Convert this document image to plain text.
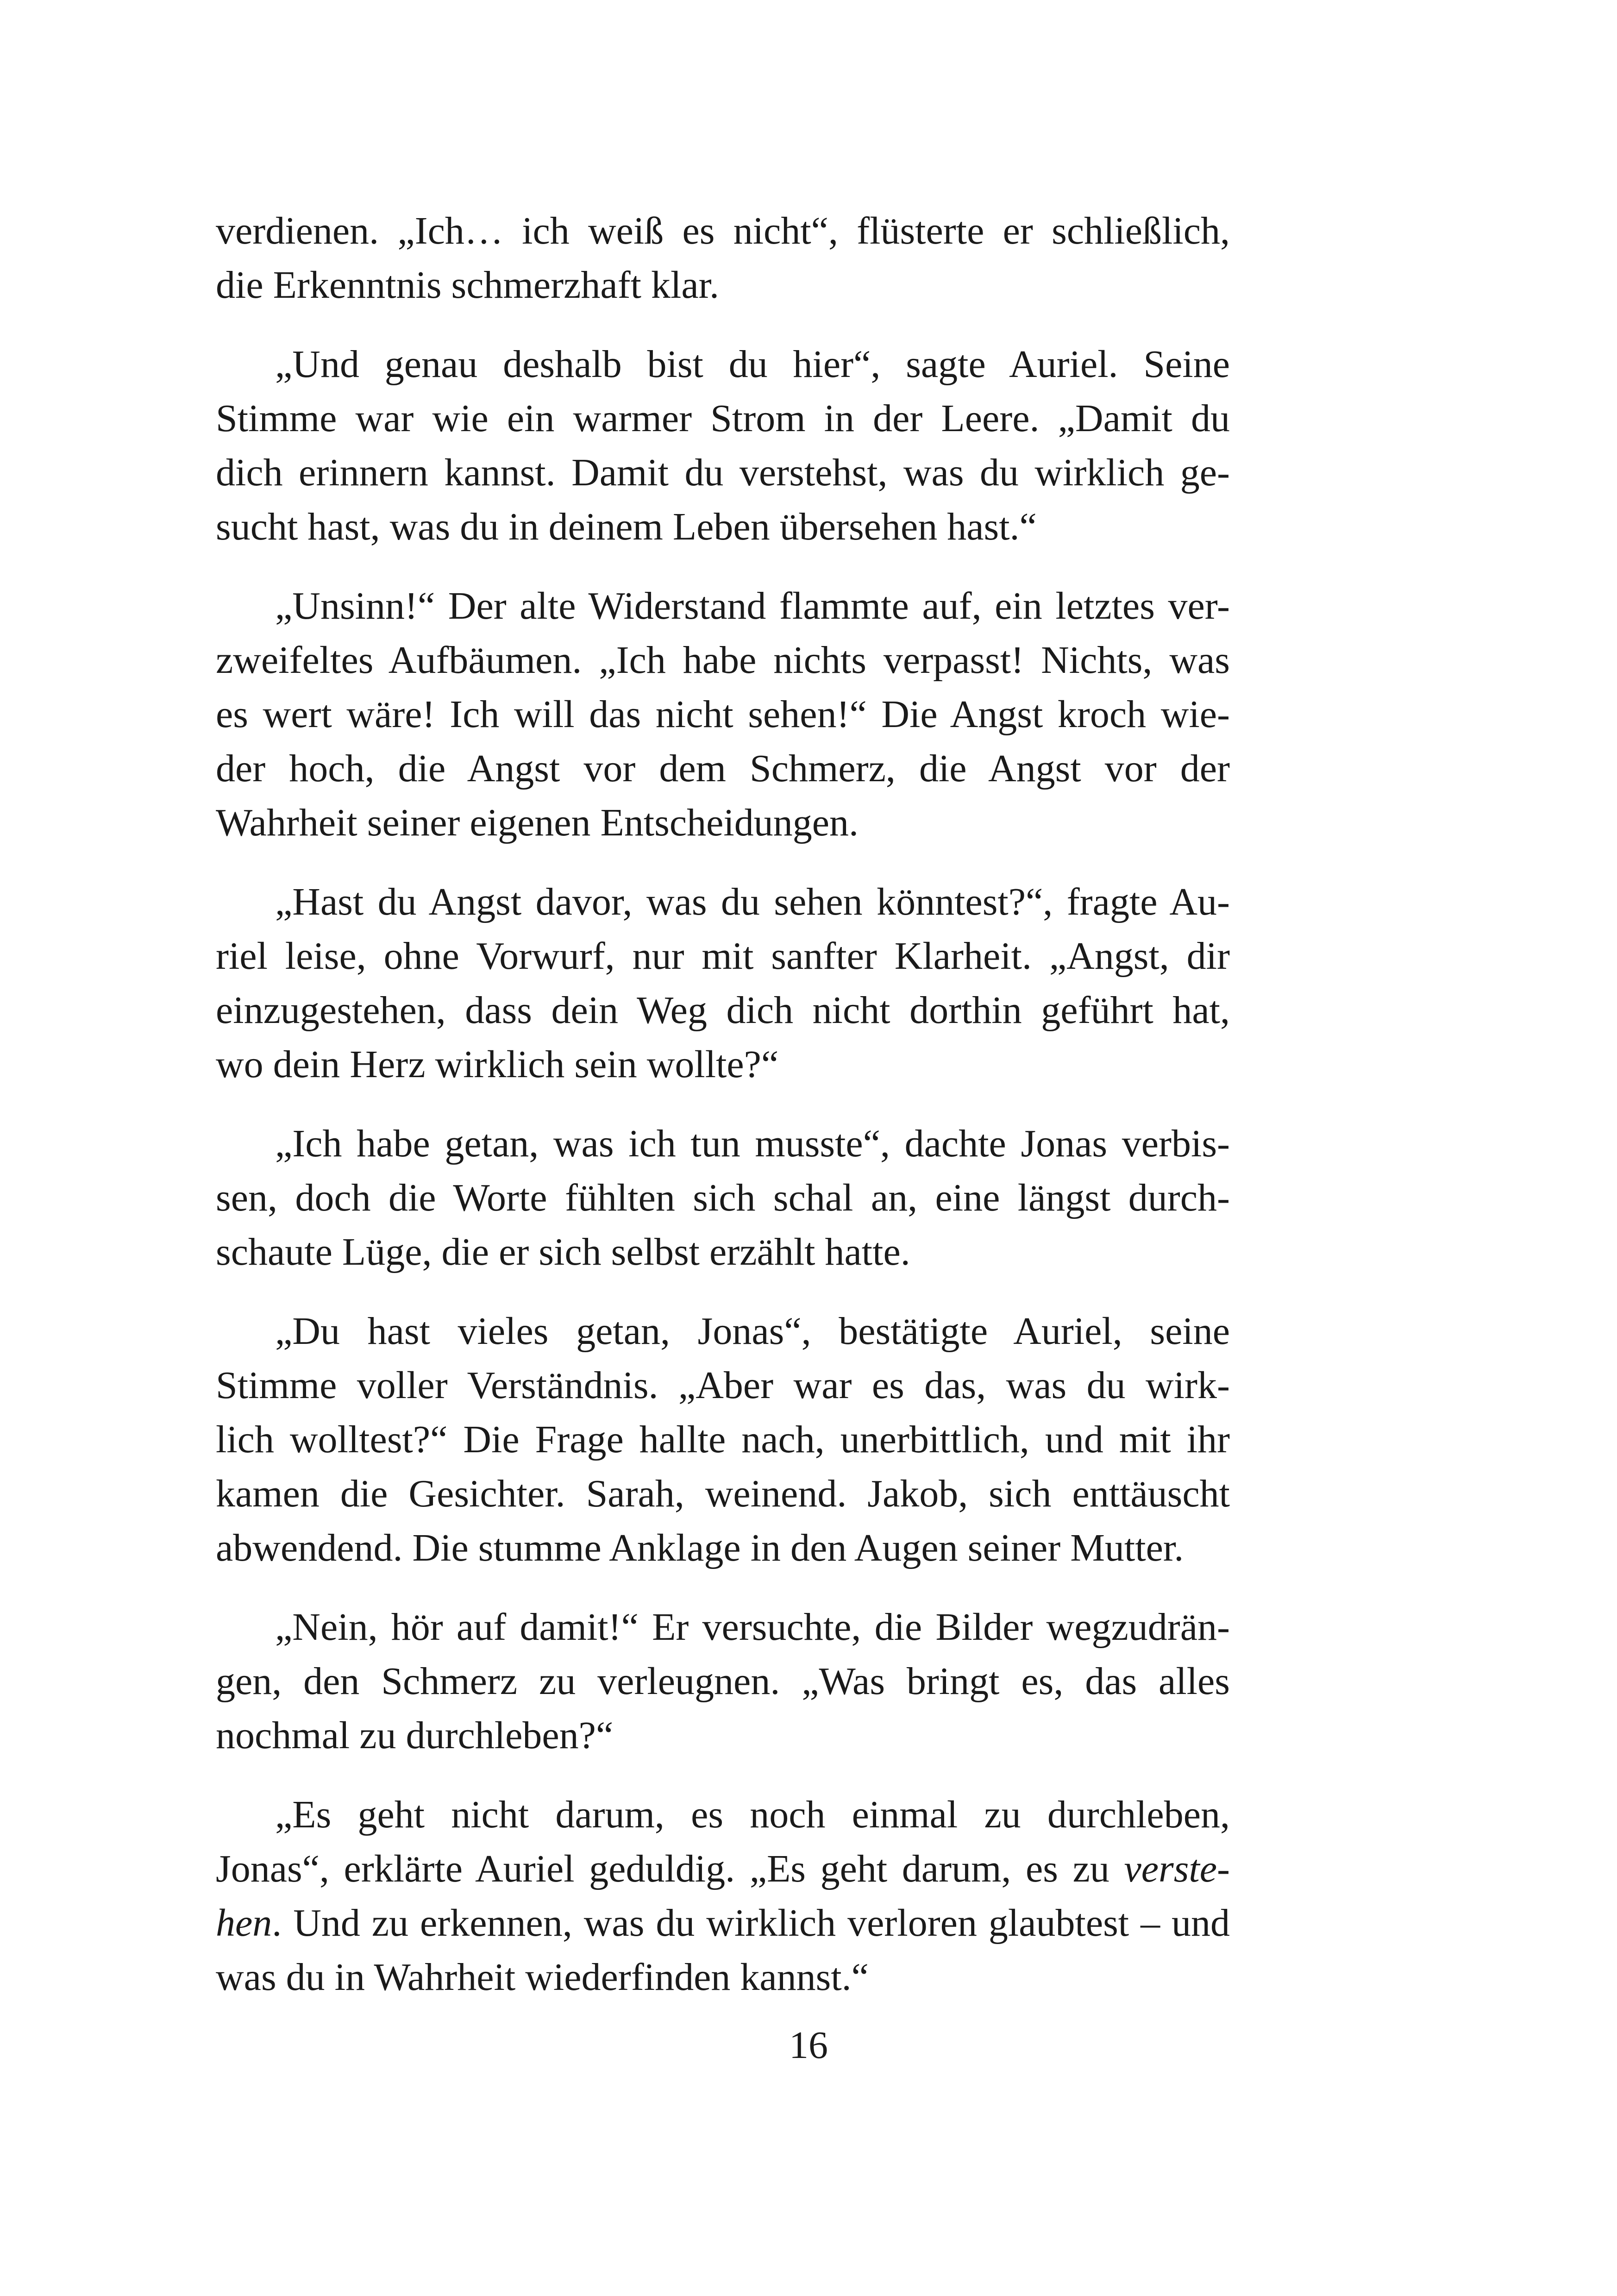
verdienen. „Ich… ich weiß es nicht“, flüsterte er schließlich,
die Erkenntnis schmerzhaft klar.
„Und genau deshalb bist du hier“, sagte Auriel. Seine
Stimme war wie ein warmer Strom in der Leere. „Damit du
dich erinnern kannst. Damit du verstehst, was du wirklich ge-
sucht hast, was du in deinem Leben übersehen hast.“
„Unsinn!“ Der alte Widerstand flammte auf, ein letztes ver-
zweifeltes Aufbäumen. „Ich habe nichts verpasst! Nichts, was
es wert wäre! Ich will das nicht sehen!“ Die Angst kroch wie-
der hoch, die Angst vor dem Schmerz, die Angst vor der
Wahrheit seiner eigenen Entscheidungen.
„Hast du Angst davor, was du sehen könntest?“, fragte Au-
riel leise, ohne Vorwurf, nur mit sanfter Klarheit. „Angst, dir
einzugestehen, dass dein Weg dich nicht dorthin geführt hat,
wo dein Herz wirklich sein wollte?“
„Ich habe getan, was ich tun musste“, dachte Jonas verbis-
sen, doch die Worte fühlten sich schal an, eine längst durch-
schaute Lüge, die er sich selbst erzählt hatte.
„Du hast vieles getan, Jonas“, bestätigte Auriel, seine
Stimme voller Verständnis. „Aber war es das, was du wirk-
lich wolltest?“ Die Frage hallte nach, unerbittlich, und mit ihr
kamen die Gesichter. Sarah, weinend. Jakob, sich enttäuscht
abwendend. Die stumme Anklage in den Augen seiner Mutter.
„Nein, hör auf damit!“ Er versuchte, die Bilder wegzudrän-
gen, den Schmerz zu verleugnen. „Was bringt es, das alles
nochmal zu durchleben?“
„Es geht nicht darum, es noch einmal zu durchleben,
Jonas“, erklärte Auriel geduldig. „Es geht darum, es zu verste-
hen. Und zu erkennen, was du wirklich verloren glaubtest – und
was du in Wahrheit wiederfinden kannst.“
16
